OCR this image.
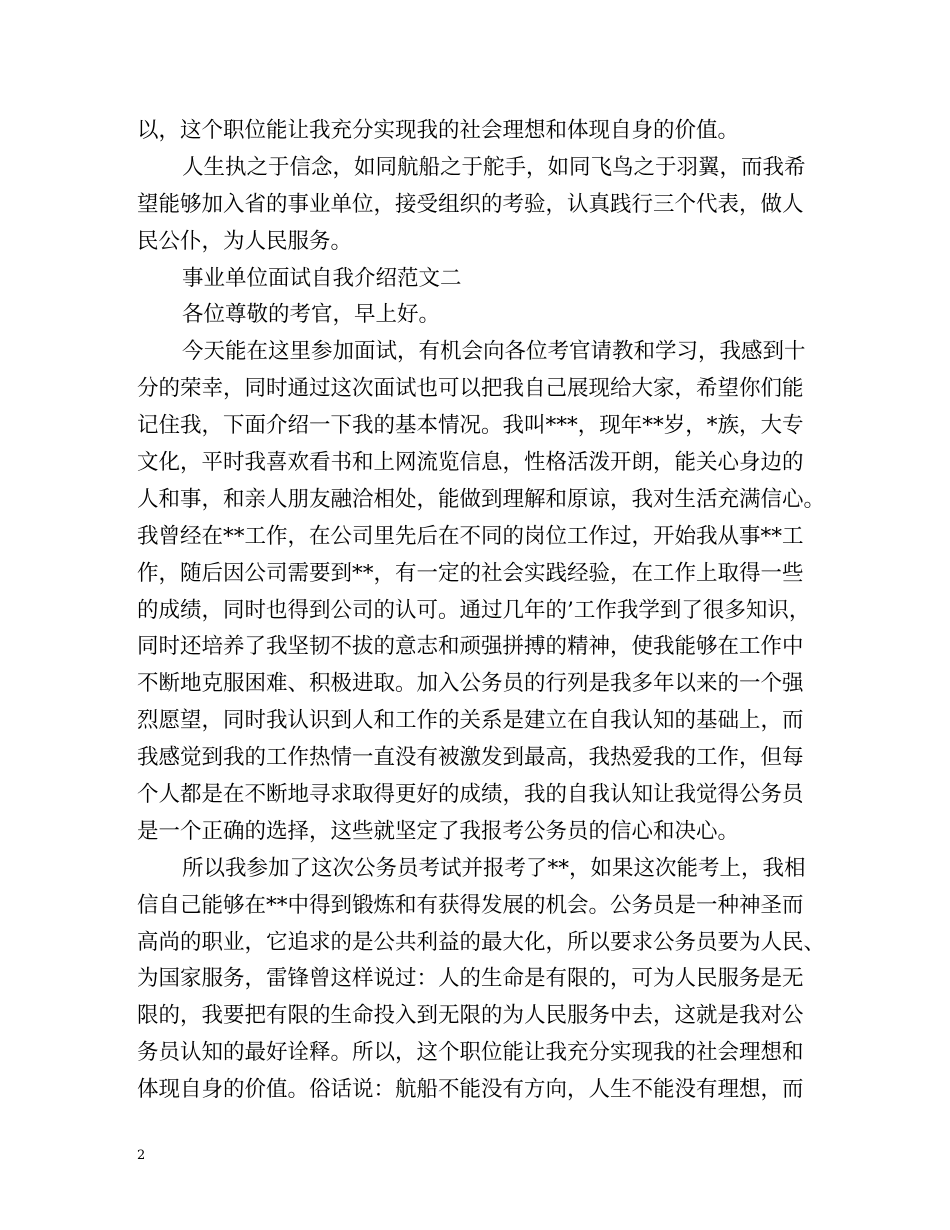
以，这个职位能让我充分实现我的社会理想和体现自身的价值。
人生执之于信念，如同航船之于舵手，如同飞鸟之于羽翼，而我希
望能够加入省的事业单位，接受组织的考验，认真践行三个代表，做人
民公仆，为人民服务。
事业单位面试自我介绍范文二
各位尊敬的考官，早上好。
今天能在这里参加面试，有机会向各位考官请教和学习，我感到十
分的荣幸，同时通过这次面试也可以把我自己展现给大家，希望你们能
记住我，下面介绍一下我的基本情况。我叫***，现年**岁，*族，大专
文化，平时我喜欢看书和上网流览信息，性格活泼开朗，能关心身边的
人和事，和亲人朋友融洽相处，能做到理解和原谅，我对生活充满信心。
我曾经在**工作，在公司里先后在不同的岗位工作过，开始我从事**工
作，随后因公司需要到**，有一定的社会实践经验，在工作上取得一些
的成绩，同时也得到公司的认可。通过几年的’工作我学到了很多知识，
同时还培养了我坚韧不拔的意志和顽强拼搏的精神，使我能够在工作中
不断地克服困难、积极进取。加入公务员的行列是我多年以来的一个强
烈愿望，同时我认识到人和工作的关系是建立在自我认知的基础上，而
我感觉到我的工作热情一直没有被激发到最高，我热爱我的工作，但每
个人都是在不断地寻求取得更好的成绩，我的自我认知让我觉得公务员
是一个正确的选择，这些就坚定了我报考公务员的信心和决心。
所以我参加了这次公务员考试并报考了**，如果这次能考上，我相
信自己能够在**中得到锻炼和有获得发展的机会。公务员是一种神圣而
高尚的职业，它追求的是公共利益的最大化，所以要求公务员要为人民、
为国家服务，雷锋曾这样说过：人的生命是有限的，可为人民服务是无
限的，我要把有限的生命投入到无限的为人民服务中去，这就是我对公
务员认知的最好诠释。所以，这个职位能让我充分实现我的社会理想和
体现自身的价值。俗话说：航船不能没有方向，人生不能没有理想，而
2
